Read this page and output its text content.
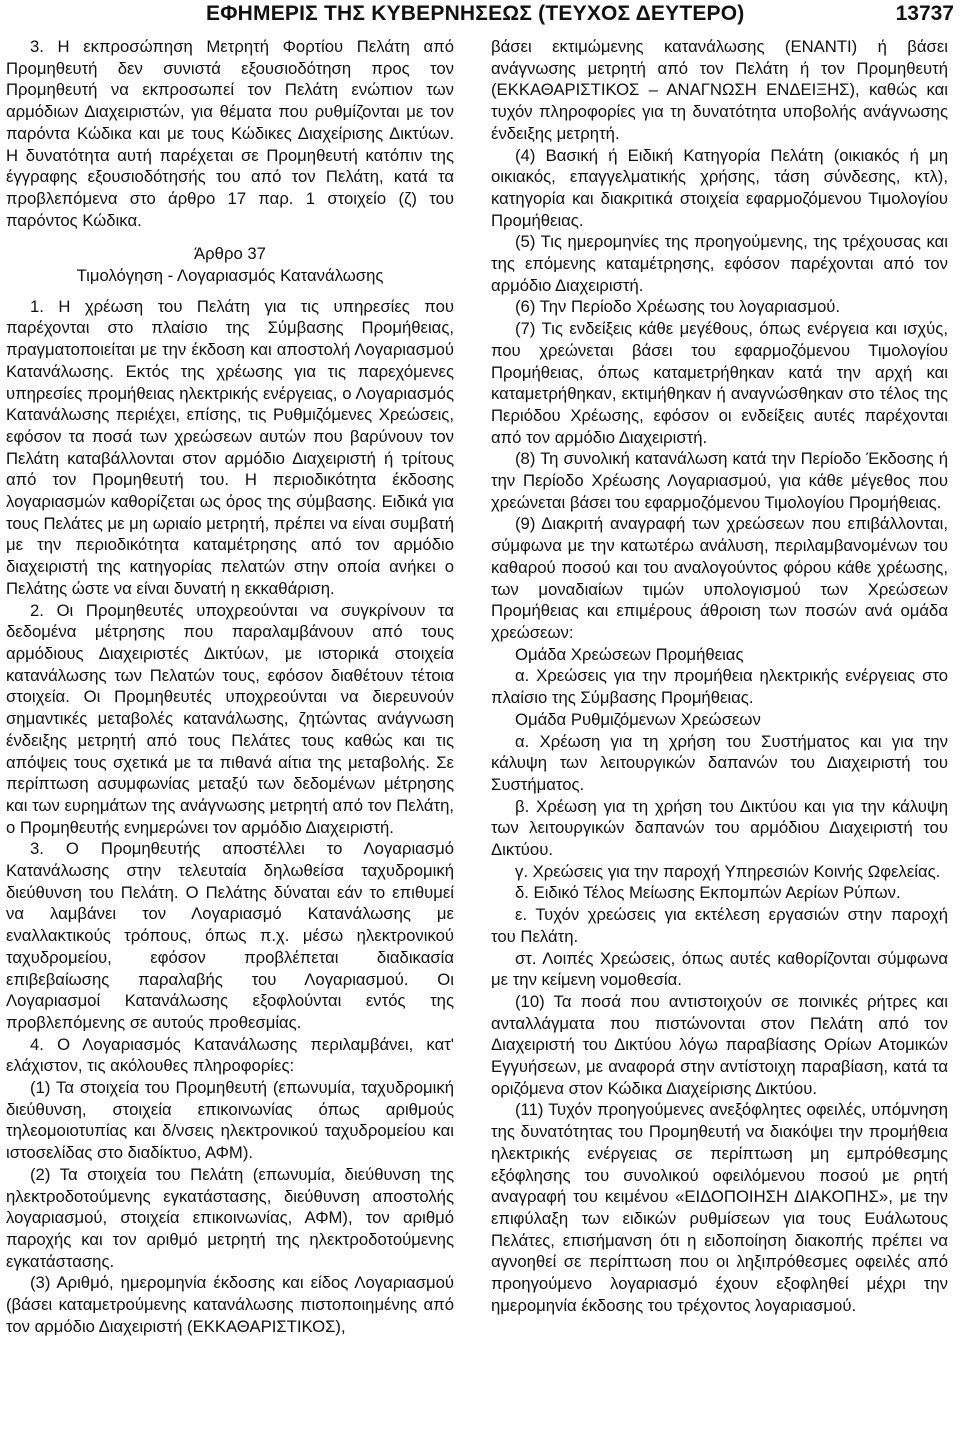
ΕΦΗΜΕΡΙΣ ΤΗΣ ΚΥΒΕΡΝΗΣΕΩΣ (ΤΕΥΧΟΣ ΔΕΥΤΕΡΟ)	13737

3. Η εκπροσώπηση Μετρητή Φορτίου Πελάτη από Προμηθευτή δεν συνιστά εξουσιοδότηση προς τον Προμηθευτή να εκπροσωπεί τον Πελάτη ενώπιον των αρμόδιων Διαχειριστών, για θέματα που ρυθμίζονται με τον παρόντα Κώδικα και με τους Κώδικες Διαχείρισης Δικτύων. Η δυνατότητα αυτή παρέχεται σε Προμηθευτή κατόπιν της έγγραφης εξουσιοδότησής του από τον Πελάτη, κατά τα προβλεπόμενα στο άρθρο 17 παρ. 1 στοιχείο (ζ) του παρόντος Κώδικα.

Άρθρο 37

Τιμολόγηση - Λογαριασμός Κατανάλωσης

1. Η χρέωση του Πελάτη για τις υπηρεσίες που παρέχονται στο πλαίσιο της Σύμβασης Προμήθειας, πραγματοποιείται με την έκδοση και αποστολή Λογαριασμού Κατανάλωσης. Εκτός της χρέωσης για τις παρεχόμενες υπηρεσίες προμήθειας ηλεκτρικής ενέργειας, ο Λογαριασμός Κατανάλωσης περιέχει, επίσης, τις Ρυθμιζόμενες Χρεώσεις, εφόσον τα ποσά των χρεώσεων αυτών που βαρύνουν τον Πελάτη καταβάλλονται στον αρμόδιο Διαχειριστή ή τρίτους από τον Προμηθευτή του. Η περιοδικότητα έκδοσης λογαριασμών καθορίζεται ως όρος της σύμβασης. Ειδικά για τους Πελάτες με μη ωριαίο μετρητή, πρέπει να είναι συμβατή με την περιοδικότητα καταμέτρησης από τον αρμόδιο διαχειριστή της κατηγορίας πελατών στην οποία ανήκει ο Πελάτης ώστε να είναι δυνατή η εκκαθάριση.

2. Οι Προμηθευτές υποχρεούνται να συγκρίνουν τα δεδομένα μέτρησης που παραλαμβάνουν από τους αρμόδιους Διαχειριστές Δικτύων, με ιστορικά στοιχεία κατανάλωσης των Πελατών τους, εφόσον διαθέτουν τέτοια στοιχεία. Οι Προμηθευτές υποχρεούνται να διερευνούν σημαντικές μεταβολές κατανάλωσης, ζητώντας ανάγνωση ένδειξης μετρητή από τους Πελάτες τους καθώς και τις απόψεις τους σχετικά με τα πιθανά αίτια της μεταβολής. Σε περίπτωση ασυμφωνίας μεταξύ των δεδομένων μέτρησης και των ευρημάτων της ανάγνωσης μετρητή από τον Πελάτη, ο Προμηθευτής ενημερώνει τον αρμόδιο Διαχειριστή.

3. Ο Προμηθευτής αποστέλλει το Λογαριασμό Κατανάλωσης στην τελευταία δηλωθείσα ταχυδρομική διεύθυνση του Πελάτη. Ο Πελάτης δύναται εάν το επιθυμεί να λαμβάνει τον Λογαριασμό Κατανάλωσης με εναλλακτικούς τρόπους, όπως π.χ. μέσω ηλεκτρονικού ταχυδρομείου, εφόσον προβλέπεται διαδικασία επιβεβαίωσης παραλαβής του Λογαριασμού. Οι Λογαριασμοί Κατανάλωσης εξοφλούνται εντός της προβλεπόμενης σε αυτούς προθεσμίας.

4. Ο Λογαριασμός Κατανάλωσης περιλαμβάνει, κατ' ελάχιστον, τις ακόλουθες πληροφορίες:

(1) Τα στοιχεία του Προμηθευτή (επωνυμία, ταχυδρομική διεύθυνση, στοιχεία επικοινωνίας όπως αριθμούς τηλεομοιοτυπίας και δ/νσεις ηλεκτρονικού ταχυδρομείου και ιστοσελίδας στο διαδίκτυο, ΑΦΜ).

(2) Τα στοιχεία του Πελάτη (επωνυμία, διεύθυνση της ηλεκτροδοτούμενης εγκατάστασης, διεύθυνση αποστολής λογαριασμού, στοιχεία επικοινωνίας, ΑΦΜ), τον αριθμό παροχής και τον αριθμό μετρητή της ηλεκτροδοτούμενης εγκατάστασης.

(3) Αριθμό, ημερομηνία έκδοσης και είδος Λογαριασμού (βάσει καταμετρούμενης κατανάλωσης πιστοποιημένης από τον αρμόδιο Διαχειριστή (ΕΚΚΑΘΑΡΙΣΤΙΚΟΣ),

βάσει εκτιμώμενης κατανάλωσης (ΕΝΑΝΤΙ) ή βάσει ανάγνωσης μετρητή από τον Πελάτη ή τον Προμηθευτή (ΕΚΚΑΘΑΡΙΣΤΙΚΟΣ – ΑΝΑΓΝΩΣΗ ΕΝΔΕΙΞΗΣ), καθώς και τυχόν πληροφορίες για τη δυνατότητα υποβολής ανάγνωσης ένδειξης μετρητή.

(4) Βασική ή Ειδική Κατηγορία Πελάτη (οικιακός ή μη οικιακός, επαγγελματικής χρήσης, τάση σύνδεσης, κτλ), κατηγορία και διακριτικά στοιχεία εφαρμοζόμενου Τιμολογίου Προμήθειας.

(5) Τις ημερομηνίες της προηγούμενης, της τρέχουσας και της επόμενης καταμέτρησης, εφόσον παρέχονται από τον αρμόδιο Διαχειριστή.

(6) Την Περίοδο Χρέωσης του λογαριασμού.

(7) Τις ενδείξεις κάθε μεγέθους, όπως ενέργεια και ισχύς, που χρεώνεται βάσει του εφαρμοζόμενου Τιμολογίου Προμήθειας, όπως καταμετρήθηκαν κατά την αρχή και καταμετρήθηκαν, εκτιμήθηκαν ή αναγνώσθηκαν στο τέλος της Περιόδου Χρέωσης, εφόσον οι ενδείξεις αυτές παρέχονται από τον αρμόδιο Διαχειριστή.

(8) Τη συνολική κατανάλωση κατά την Περίοδο Έκδοσης ή την Περίοδο Χρέωσης Λογαριασμού, για κάθε μέγεθος που χρεώνεται βάσει του εφαρμοζόμενου Τιμολογίου Προμήθειας.

(9) Διακριτή αναγραφή των χρεώσεων που επιβάλλονται, σύμφωνα με την κατωτέρω ανάλυση, περιλαμβανομένων του καθαρού ποσού και του αναλογούντος φόρου κάθε χρέωσης, των μοναδιαίων τιμών υπολογισμού των Χρεώσεων Προμήθειας και επιμέρους άθροιση των ποσών ανά ομάδα χρεώσεων:

Ομάδα Χρεώσεων Προμήθειας

α. Χρεώσεις για την προμήθεια ηλεκτρικής ενέργειας στο πλαίσιο της Σύμβασης Προμήθειας.

Ομάδα Ρυθμιζόμενων Χρεώσεων

α. Χρέωση για τη χρήση του Συστήματος και για την κάλυψη των λειτουργικών δαπανών του Διαχειριστή του Συστήματος.

β. Χρέωση για τη χρήση του Δικτύου και για την κάλυψη των λειτουργικών δαπανών του αρμόδιου Διαχειριστή του Δικτύου.

γ. Χρεώσεις για την παροχή Υπηρεσιών Κοινής Ωφελείας.

δ. Ειδικό Τέλος Μείωσης Εκπομπών Αερίων Ρύπων.

ε. Τυχόν χρεώσεις για εκτέλεση εργασιών στην παροχή του Πελάτη.

στ. Λοιπές Χρεώσεις, όπως αυτές καθορίζονται σύμφωνα με την κείμενη νομοθεσία.

(10) Τα ποσά που αντιστοιχούν σε ποινικές ρήτρες και ανταλλάγματα που πιστώνονται στον Πελάτη από τον Διαχειριστή του Δικτύου λόγω παραβίασης Ορίων Ατομικών Εγγυήσεων, με αναφορά στην αντίστοιχη παραβίαση, κατά τα οριζόμενα στον Κώδικα Διαχείρισης Δικτύου.

(11) Τυχόν προηγούμενες ανεξόφλητες οφειλές, υπόμνηση της δυνατότητας του Προμηθευτή να διακόψει την προμήθεια ηλεκτρικής ενέργειας σε περίπτωση μη εμπρόθεσμης εξόφλησης του συνολικού οφειλόμενου ποσού με ρητή αναγραφή του κειμένου «ΕΙΔΟΠΟΙΗΣΗ ΔΙΑΚΟΠΗΣ», με την επιφύλαξη των ειδικών ρυθμίσεων για τους Ευάλωτους Πελάτες, επισήμανση ότι η ειδοποίηση διακοπής πρέπει να αγνοηθεί σε περίπτωση που οι ληξιπρόθεσμες οφειλές από προηγούμενο λογαριασμό έχουν εξοφληθεί μέχρι την ημερομηνία έκδοσης του τρέχοντος λογαριασμού.
